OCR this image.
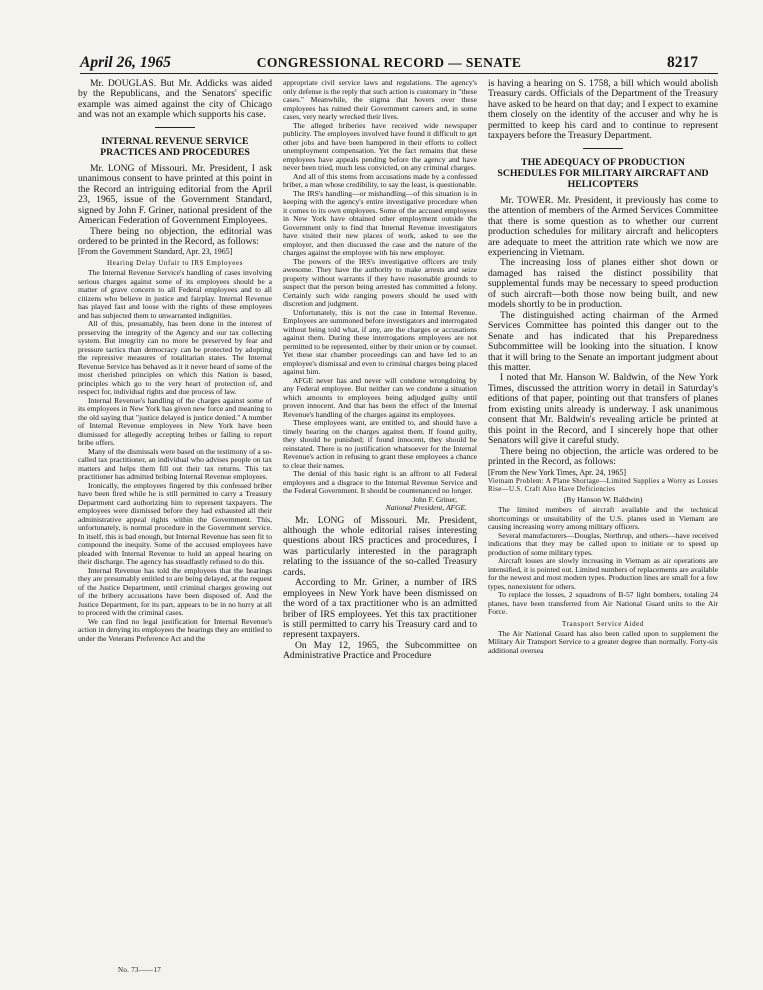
April 26, 1965	CONGRESSIONAL RECORD — SENATE	8217

Mr. DOUGLAS. But Mr. Addicks was aided by the Republicans, and the Senators' specific example was aimed against the city of Chicago and was not an example which supports his case.

INTERNAL REVENUE SERVICE PRACTICES AND PROCEDURES

Mr. LONG of Missouri. Mr. President, I ask unanimous consent to have printed at this point in the Record an intriguing editorial from the April 23, 1965, issue of the Government Standard, signed by John F. Griner, national president of the American Federation of Government Employees.

There being no objection, the editorial was ordered to be printed in the Record, as follows:

[From the Government Standard, Apr. 23, 1965]

Hearing Delay Unfair to IRS Employees

The Internal Revenue Service's handling of cases involving serious charges against some of its employees should be a matter of grave concern to all Federal employees and to all citizens who believe in justice and fairplay. Internal Revenue has played fast and loose with the rights of these employees and has subjected them to unwarranted indignities.

All of this, presumably, has been done in the interest of preserving the integrity of the Agency and our tax collecting system. But integrity can no more be preserved by fear and pressure tactics than democracy can be protected by adopting the repressive measures of totalitarian states. The Internal Revenue Service has behaved as it it never heard of some of the most cherished principles on which this Nation is based, principles which go to the very heart of protection of, and respect for, individual rights and due process of law.

Internal Revenue's handling of the charges against some of its employees in New York has given new force and meaning to the old saying that "justice delayed is justice denied." A number of Internal Revenue employees in New York have been dismissed for allegedly accepting bribes or failing to report bribe offers.

Many of the dismissals were based on the testimony of a so-called tax practitioner, an individual who advises people on tax matters and helps them fill out their tax returns. This tax practitioner has admitted bribing Internal Revenue employees.

Ironically, the employees fingered by this confessed briber have been fired while he is still permitted to carry a Treasury Department card authorizing him to represent taxpayers. The employees were dismissed before they had exhausted all their administrative appeal rights within the Government. This, unfortunately, is normal procedure in the Government service. In itself, this is bad enough, but Internal Revenue has seen fit to compound the inequity. Some of the accused employees have pleaded with Internal Revenue to hold an appeal hearing on their discharge. The agency has steadfastly refused to do this.

Internal Revenue has told the employees that the hearings they are presumably entitled to are being delayed, at the request of the Justice Department, until criminal charges growing out of the bribery accusations have been disposed of. And the Justice Department, for its part, appears to be in no hurry at all to proceed with the criminal cases.

We can find no legal justification for Internal Revenue's action in denying its employees the hearings they are entitled to under the Veterans Preference Act and the

appropriate civil service laws and regulations. The agency's only defense is the reply that such action is customary in "these cases." Meanwhile, the stigma that hovers over these employees has ruined their Government careers and, in some cases, very nearly wrecked their lives.

The alleged briberies have received wide newspaper publicity. The employees involved have found it difficult to get other jobs and have been hampered in their efforts to collect unemployment compensation. Yet the fact remains that these employees have appeals pending before the agency and have never been tried, much less convicted, on any criminal charges.

And all of this stems from accusations made by a confessed briber, a man whose credibility, to say the least, is questionable.

The IRS's handling—or mishandling—of this situation is in keeping with the agency's entire investigative procedure when it comes to its own employees. Some of the accused employees in New York have obtained other employment outside the Government only to find that Internal Revenue investigators have visited their new places of work, asked to see the employer, and then discussed the case and the nature of the charges against the employee with his new employer.

The powers of the IRS's investigative officers are truly awesome. They have the authority to make arrests and seize property without warrants if they have reasonable grounds to suspect that the person being arrested has committed a felony. Certainly such wide ranging powers should be used with discretion and judgment.

Unfortunately, this is not the case in Internal Revenue. Employees are summoned before investigators and interrogated without being told what, if any, are the charges or accusations against them. During these interrogations employees are not permitted to be represented, either by their union or by counsel. Yet these star chamber proceedings can and have led to an employee's dismissal and even to criminal charges being placed against him.

AFGE never has and never will condone wrongdoing by any Federal employee. But neither can we condone a situation which amounts to employees being adjudged guilty until proven innocent. And that has been the effect of the Internal Revenue's handling of the charges against its employees.

These employees want, are entitled to, and should have a timely hearing on the charges against them. If found guilty, they should be punished; if found innocent, they should be reinstated. There is no justification whatsoever for the Internal Revenue's action in refusing to grant these employees a chance to clear their names.

The denial of this basic right is an affront to all Federal employees and a disgrace to the Internal Revenue Service and the Federal Government. It should be countenanced no longer.

John F. Griner,

National President, AFGE.

Mr. LONG of Missouri. Mr. President, although the whole editorial raises interesting questions about IRS practices and procedures, I was particularly interested in the paragraph relating to the issuance of the so-called Treasury cards.

According to Mr. Griner, a number of IRS employees in New York have been dismissed on the word of a tax practitioner who is an admitted briber of IRS employees. Yet this tax practitioner is still permitted to carry his Treasury card and to represent taxpayers.

On May 12, 1965, the Subcommittee on Administrative Practice and Procedure

is having a hearing on S. 1758, a bill which would abolish Treasury cards. Officials of the Department of the Treasury have asked to be heard on that day; and I expect to examine them closely on the identity of the accuser and why he is permitted to keep his card and to continue to represent taxpayers before the Treasury Department.

THE ADEQUACY OF PRODUCTION SCHEDULES FOR MILITARY AIRCRAFT AND HELICOPTERS

Mr. TOWER. Mr. President, it previously has come to the attention of members of the Armed Services Committee that there is some question as to whether our current production schedules for military aircraft and helicopters are adequate to meet the attrition rate which we now are experiencing in Vietnam.

The increasing loss of planes either shot down or damaged has raised the distinct possibility that supplemental funds may be necessary to speed production of such aircraft—both those now being built, and new models shortly to be in production.

The distinguished acting chairman of the Armed Services Committee has pointed this danger out to the Senate and has indicated that his Preparedness Subcommittee will be looking into the situation. I know that it will bring to the Senate an important judgment about this matter.

I noted that Mr. Hanson W. Baldwin, of the New York Times, discussed the attrition worry in detail in Saturday's editions of that paper, pointing out that transfers of planes from existing units already is underway. I ask unanimous consent that Mr. Baldwin's revealing article be printed at this point in the Record, and I sincerely hope that other Senators will give it careful study.

There being no objection, the article was ordered to be printed in the Record, as follows:

[From the New York Times, Apr. 24, 1965]

Vietnam Problem: A Plane Shortage—Limited Supplies a Worry as Losses Rise—U.S. Craft Also Have Deficiencies

(By Hanson W. Baldwin)

The limited numbers of aircraft available and the technical shortcomings or unsuitability of the U.S. planes used in Vietnam are causing increasing worry among military officers.

Several manufacturers—Douglas, Northrup, and others—have received indications that they may be called upon to initiate or to speed up production of some military types.

Aircraft losses are slowly increasing in Vietnam as air operations are intensified, it is pointed out. Limited numbers of replacements are available for the newest and most modern types. Production lines are small for a few types, nonexistent for others.

To replace the losses, 2 squadrons of B-57 light bombers, totaling 24 planes, have been transferred from Air National Guard units to the Air Force.

Transport Service Aided

The Air National Guard has also been called upon to supplement the Military Air Transport Service to a greater degree than normally. Forty-six additional oversea

No. 73——17
